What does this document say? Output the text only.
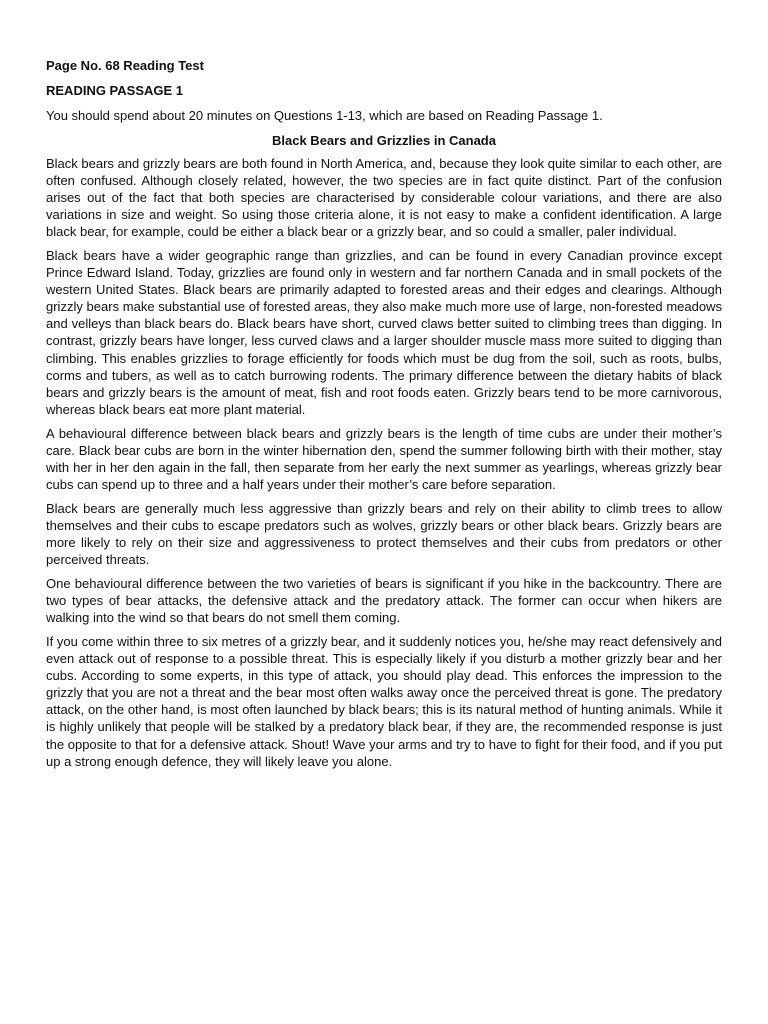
Page No. 68 Reading Test
READING PASSAGE 1
You should spend about 20 minutes on Questions 1-13, which are based on Reading Passage 1.
Black Bears and Grizzlies in Canada

Black bears and grizzly bears are both found in North America, and, because they look quite similar to each other, are often confused. Although closely related, however, the two species are in fact quite distinct. Part of the confusion arises out of the fact that both species are characterised by considerable colour variations, and there are also variations in size and weight. So using those criteria alone, it is not easy to make a confident identification. A large black bear, for example, could be either a black bear or a grizzly bear, and so could a smaller, paler individual.

Black bears have a wider geographic range than grizzlies, and can be found in every Canadian province except Prince Edward Island. Today, grizzlies are found only in western and far northern Canada and in small pockets of the western United States. Black bears are primarily adapted to forested areas and their edges and clearings. Although grizzly bears make substantial use of forested areas, they also make much more use of large, non-forested meadows and velleys than black bears do. Black bears have short, curved claws better suited to climbing trees than digging. In contrast, grizzly bears have longer, less curved claws and a larger shoulder muscle mass more suited to digging than climbing. This enables grizzlies to forage efficiently for foods which must be dug from the soil, such as roots, bulbs, corms and tubers, as well as to catch burrowing rodents. The primary difference between the dietary habits of black bears and grizzly bears is the amount of meat, fish and root foods eaten. Grizzly bears tend to be more carnivorous, whereas black bears eat more plant material.

A behavioural difference between black bears and grizzly bears is the length of time cubs are under their mother’s care. Black bear cubs are born in the winter hibernation den, spend the summer following birth with their mother, stay with her in her den again in the fall, then separate from her early the next summer as yearlings, whereas grizzly bear cubs can spend up to three and a half years under their mother’s care before separation.

Black bears are generally much less aggressive than grizzly bears and rely on their ability to climb trees to allow themselves and their cubs to escape predators such as wolves, grizzly bears or other black bears. Grizzly bears are more likely to rely on their size and aggressiveness to protect themselves and their cubs from predators or other perceived threats.

One behavioural difference between the two varieties of bears is significant if you hike in the backcountry. There are two types of bear attacks, the defensive attack and the predatory attack. The former can occur when hikers are walking into the wind so that bears do not smell them coming.

If you come within three to six metres of a grizzly bear, and it suddenly notices you, he/she may react defensively and even attack out of response to a possible threat. This is especially likely if you disturb a mother grizzly bear and her cubs. According to some experts, in this type of attack, you should play dead. This enforces the impression to the grizzly that you are not a threat and the bear most often walks away once the perceived threat is gone. The predatory attack, on the other hand, is most often launched by black bears; this is its natural method of hunting animals. While it is highly unlikely that people will be stalked by a predatory black bear, if they are, the recommended response is just the opposite to that for a defensive attack. Shout! Wave your arms and try to have to fight for their food, and if you put up a strong enough defence, they will likely leave you alone.
